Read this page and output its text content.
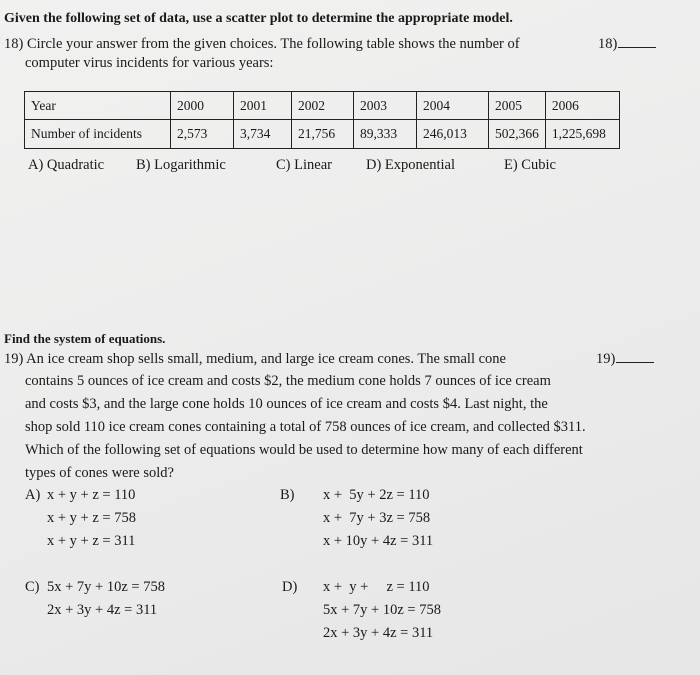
Given the following set of data, use a scatter plot to determine the appropriate model.
18) Circle your answer from the given choices. The following table shows the number of	18)
computer virus incidents for various years:
Year	2000	2001	2002	2003	2004	2005	2006
Number of incidents	2,573	3,734	21,756	89,333	246,013	502,366	1,225,698
A) Quadratic B) Logarithmic	C) Linear D) Exponential	E) Cubic
Find the system of equations.
19) An ice cream shop sells small, medium, and large ice cream cones. The small cone	19)
contains 5 ounces of ice cream and costs $2, the medium cone holds 7 ounces of ice cream
and costs $3, and the large cone holds 10 ounces of ice cream and costs $4. Last night, the
shop sold 110 ice cream cones containing a total of 758 ounces of ice cream, and collected $311.
Which of the following set of equations would be used to determine how many of each different
types of cones were sold?
A) x + y + z = 110
x + y + z = 758
x + y + z = 311
B) x +  5y + 2z = 110
x +  7y + 3z = 758
x + 10y + 4z = 311
C) 5x + 7y + 10z = 758
2x + 3y + 4z = 311
D) x +  y +     z = 110
5x + 7y + 10z = 758
2x + 3y + 4z = 311
